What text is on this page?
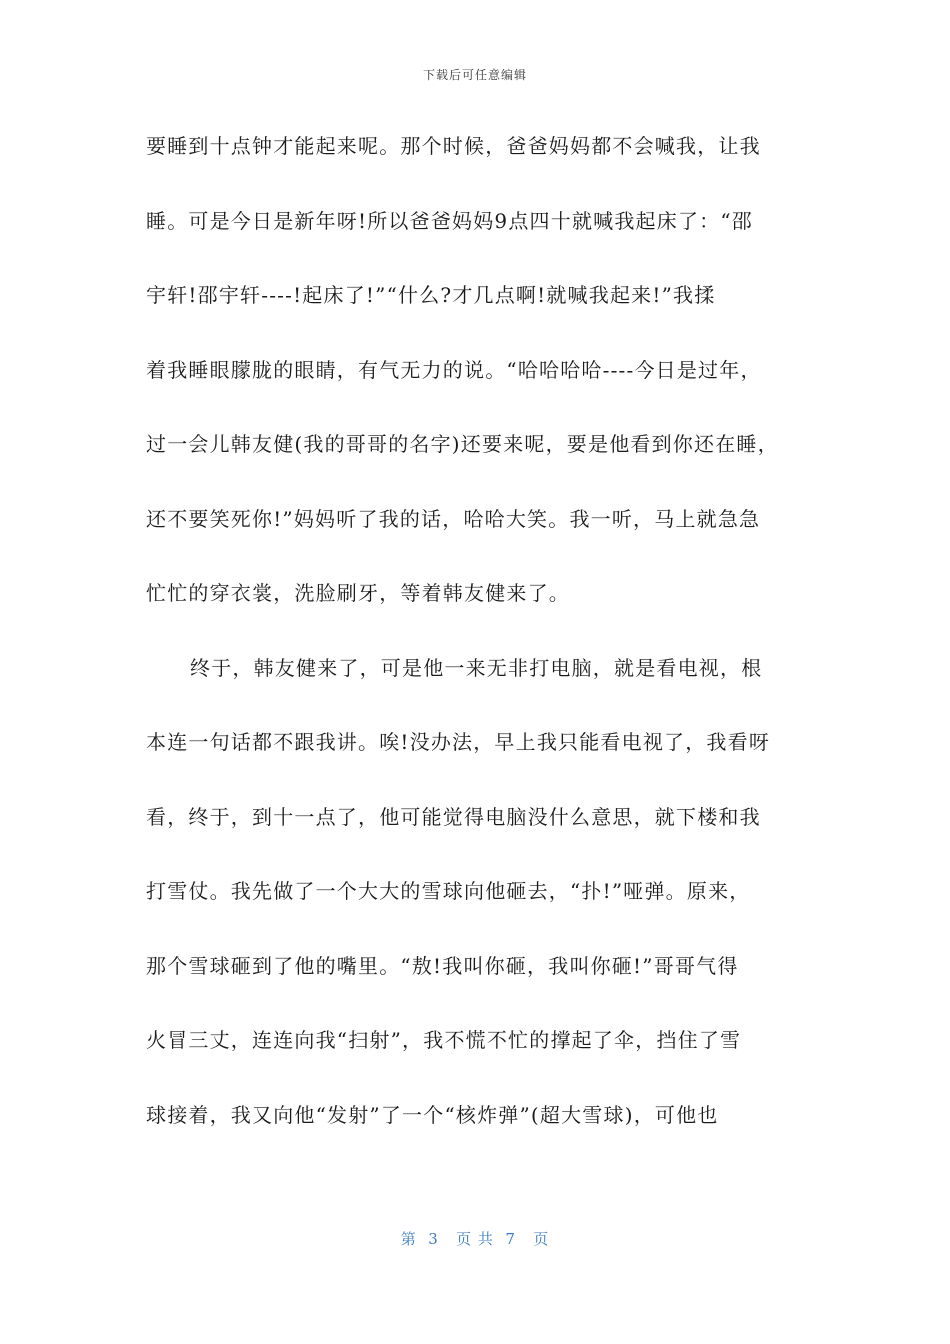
下载后可任意编辑
要睡到十点钟才能起来呢。那个时候，爸爸妈妈都不会喊我，让我
睡。可是今日是新年呀!所以爸爸妈妈9点四十就喊我起床了：“邵
宇轩!邵宇轩----!起床了!”“什么?才几点啊!就喊我起来!”我揉
着我睡眼朦胧的眼睛，有气无力的说。“哈哈哈哈----今日是过年，
过一会儿韩友健(我的哥哥的名字)还要来呢，要是他看到你还在睡，
还不要笑死你!”妈妈听了我的话，哈哈大笑。我一听，马上就急急
忙忙的穿衣裳，洗脸刷牙，等着韩友健来了。
终于，韩友健来了，可是他一来无非打电脑，就是看电视，根
本连一句话都不跟我讲。唉!没办法，早上我只能看电视了，我看呀
看，终于，到十一点了，他可能觉得电脑没什么意思，就下楼和我
打雪仗。我先做了一个大大的雪球向他砸去，“扑!”哑弹。原来，
那个雪球砸到了他的嘴里。“敖!我叫你砸，我叫你砸!”哥哥气得
火冒三丈，连连向我“扫射”，我不慌不忙的撑起了伞，挡住了雪
球接着，我又向他“发射”了一个“核炸弹”(超大雪球)，可他也
第  3   页 共  7   页
